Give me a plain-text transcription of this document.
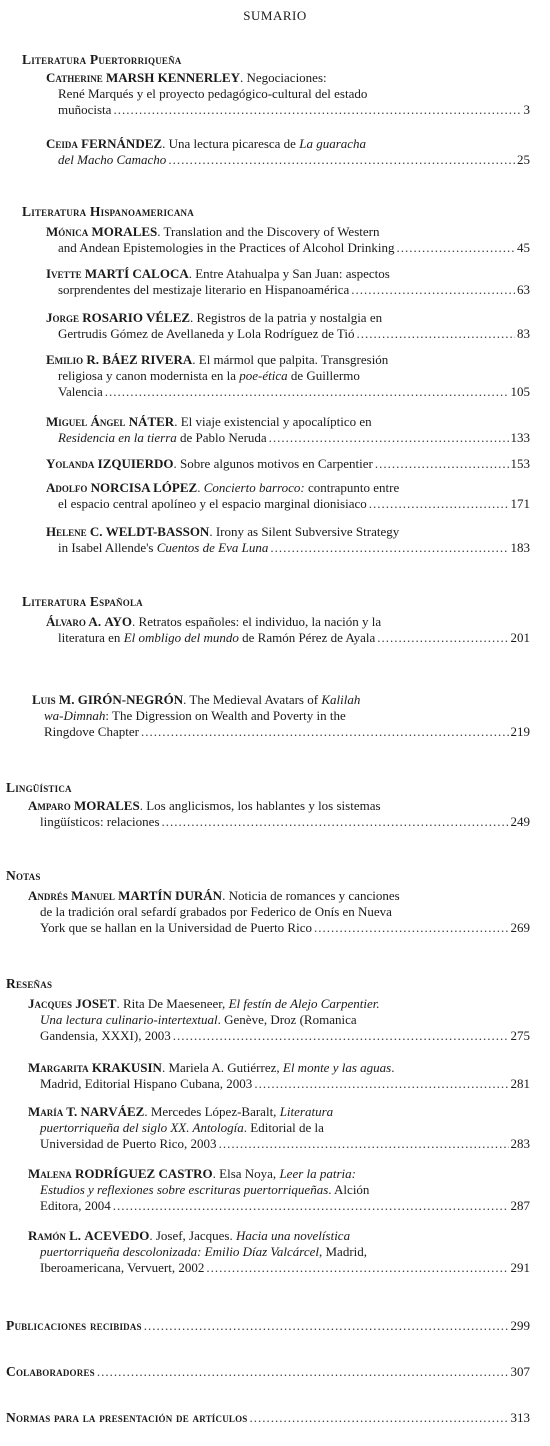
SUMARIO
Literatura Puertorriqueña
Catherine MARSH KENNERLEY. Negociaciones:
René Marqués y el proyecto pedagógico-cultural del estado
muñocista .....	3
Ceida FERNÁNDEZ. Una lectura picaresca de La guaracha
del Macho Camacho .....	25
Literatura Hispanoamericana
Mónica MORALES. Translation and the Discovery of Western
and Andean Epistemologies in the Practices of Alcohol Drinking .....	45
Ivette MARTÍ CALOCA. Entre Atahualpa y San Juan: aspectos
sorprendentes del mestizaje literario en Hispanoamérica .....	63
Jorge ROSARIO VÉLEZ. Registros de la patria y nostalgia en
Gertrudis Gómez de Avellaneda y Lola Rodríguez de Tió .....	83
Emilio R. BÁEZ RIVERA. El mármol que palpita. Transgresión
religiosa y canon modernista en la poe-ética de Guillermo
Valencia .....	105
Miguel Ángel NÁTER. El viaje existencial y apocalíptico en
Residencia en la tierra de Pablo Neruda .....	133
Yolanda IZQUIERDO. Sobre algunos motivos en Carpentier .....	153
Adolfo NORCISA LÓPEZ. Concierto barroco: contrapunto entre
el espacio central apolíneo y el espacio marginal dionisiaco .....	171
Helene C. WELDT-BASSON. Irony as Silent Subversive Strategy
in Isabel Allende's Cuentos de Eva Luna .....	183
Literatura Española
Álvaro A. AYO. Retratos españoles: el individuo, la nación y la
literatura en El ombligo del mundo de Ramón Pérez de Ayala .....	201
Luis M. GIRÓN-NEGRÓN. The Medieval Avatars of Kalilah
wa-Dimnah: The Digression on Wealth and Poverty in the
Ringdove Chapter .....	219
Lingüística
Amparo MORALES. Los anglicismos, los hablantes y los sistemas
lingüísticos: relaciones .....	249
Notas
Andrés Manuel MARTÍN DURÁN. Noticia de romances y canciones
de la tradición oral sefardí grabados por Federico de Onís en Nueva
York que se hallan en la Universidad de Puerto Rico .....	269
Reseñas
Jacques JOSET. Rita De Maeseneer, El festín de Alejo Carpentier.
Una lectura culinario-intertextual. Genève, Droz (Romanica
Gandensia, XXXI), 2003 .....	275
Margarita KRAKUSIN. Mariela A. Gutiérrez, El monte y las aguas.
Madrid, Editorial Hispano Cubana, 2003 .....	281
María T. NARVÁEZ. Mercedes López-Baralt, Literatura
puertorriqueña del siglo XX. Antología. Editorial de la
Universidad de Puerto Rico, 2003 .....	283
Malena RODRÍGUEZ CASTRO. Elsa Noya, Leer la patria:
Estudios y reflexiones sobre escrituras puertorriqueñas. Alción
Editora, 2004 .....	287
Ramón L. ACEVEDO. Josef, Jacques. Hacia una novelística
puertorriqueña descolonizada: Emilio Díaz Valcárcel, Madrid,
Iberoamericana, Vervuert, 2002 .....	291
Publicaciones recibidas .....	299
Colaboradores .....	307
Normas para la presentación de artículos .....	313
